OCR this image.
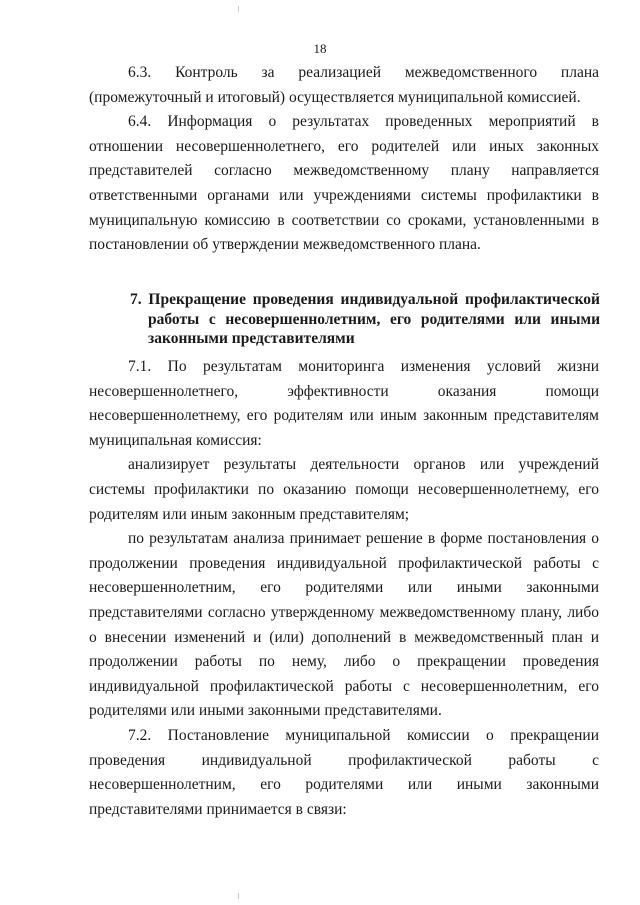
18

6.3. Контроль за реализацией межведомственного плана (промежуточный и итоговый) осуществляется муниципальной комиссией.

6.4. Информация о результатах проведенных мероприятий в отношении несовершеннолетнего, его родителей или иных законных представителей согласно межведомственному плану направляется ответственными органами или учреждениями системы профилактики в муниципальную комиссию в соответствии со сроками, установленными в постановлении об утверждении межведомственного плана.

7. Прекращение проведения индивидуальной профилактической работы с несовершеннолетним, его родителями или иными законными представителями

7.1. По результатам мониторинга изменения условий жизни несовершеннолетнего, эффективности оказания помощи несовершеннолетнему, его родителям или иным законным представителям муниципальная комиссия:

анализирует результаты деятельности органов или учреждений системы профилактики по оказанию помощи несовершеннолетнему, его родителям или иным законным представителям;

по результатам анализа принимает решение в форме постановления о продолжении проведения индивидуальной профилактической работы с несовершеннолетним, его родителями или иными законными представителями согласно утвержденному межведомственному плану, либо о внесении изменений и (или) дополнений в межведомственный план и продолжении работы по нему, либо о прекращении проведения индивидуальной профилактической работы с несовершеннолетним, его родителями или иными законными представителями.

7.2. Постановление муниципальной комиссии о прекращении проведения индивидуальной профилактической работы с несовершеннолетним, его родителями или иными законными представителями принимается в связи:
